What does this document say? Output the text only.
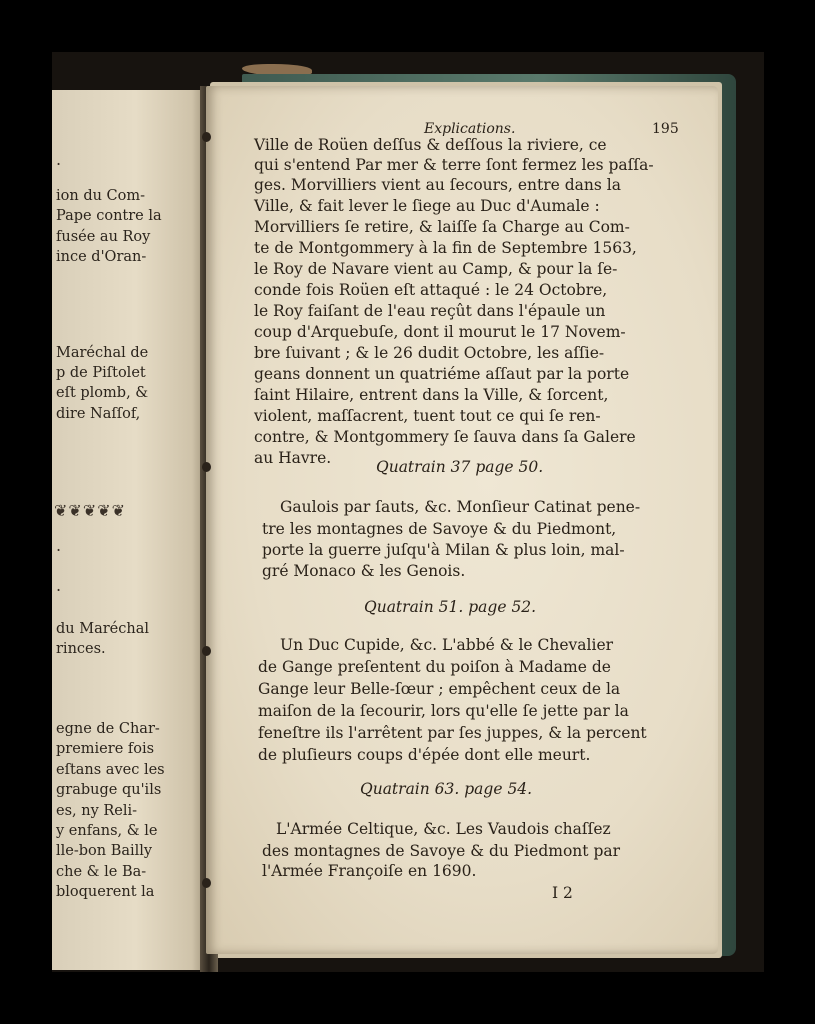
.
ion du Com-
Pape contre la
fusée au Roy
ince d'Oran-
Maréchal de
p de Piſtolet
eſt plomb, &
dire Naſſof,
❦❦❦❦❦
.
.
du Maréchal
rinces.
egne de Char-
premiere fois
eſtans avec les
grabuge qu'ils
es, ny Reli-
y enfans, & le
lle-bon Bailly
che & le Ba-
bloquerent la
Explications.	195
Ville de Roüen deſſus & deſſous la riviere, ce
qui s'entend Par mer & terre ſont fermez les paſſa-
ges. Morvilliers vient au ſecours, entre dans la
Ville, & fait lever le ſiege au Duc d'Aumale :
Morvilliers ſe retire, & laiſſe ſa Charge au Com-
te de Montgommery à la fin de Septembre 1563,
le Roy de Navare vient au Camp, & pour la ſe-
conde fois Roüen eſt attaqué : le 24 Octobre,
le Roy faiſant de l'eau reçût dans l'épaule un
coup d'Arquebuſe, dont il mourut le 17 Novem-
bre ſuivant ; & le 26 dudit Octobre, les aſſie-
geans donnent un quatriéme aſſaut par la porte
ſaint Hilaire, entrent dans la Ville, & ſorcent,
violent, maſſacrent, tuent tout ce qui ſe ren-
contre, & Montgommery ſe ſauva dans ſa Galere
au Havre.	Quatrain 37 page 50.
Gaulois par ſauts, &c. Monſieur Catinat pene-
tre les montagnes de Savoye & du Piedmont,
porte la guerre juſqu'à Milan & plus loin, mal-
gré Monaco & les Genois.
Quatrain 51. page 52.
Un Duc Cupide, &c. L'abbé & le Chevalier
de Gange preſentent du poiſon à Madame de
Gange leur Belle-ſœur ; empêchent ceux de la
maiſon de la ſecourir, lors qu'elle ſe jette par la
feneſtre ils l'arrêtent par ſes juppes, & la percent
de pluſieurs coups d'épée dont elle meurt.
Quatrain 63. page 54.
L'Armée Celtique, &c. Les Vaudois chaſſez
des montagnes de Savoye & du Piedmont par
l'Armée Françoiſe en 1690.
I 2
